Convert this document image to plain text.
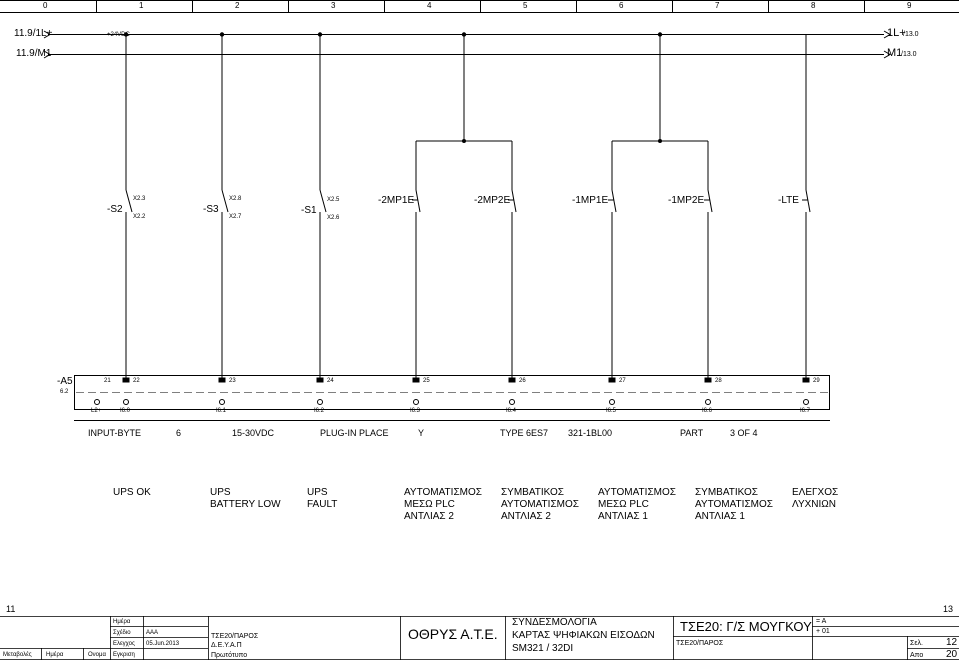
21
L2+
22
I6.0
23
I6.1
24
I6.2
25
I6.3
26
I6.4
27
I6.5
28
I6.6
29
I6.7
0	1	2	3	4	5	6	7	8	9
11.9/1L+	+24VDC
11.9/M1
1L+
/13.0
M1
/13.0
-S2
X2.3
X2.2
-S3
X2.8
X2.7
-S1
X2.5
X2.6
-2MP1E	-2MP2E	-1MP1E	-1MP2E	-LTE
-A5
6.2
INPUT-BYTE	6	15-30VDC	PLUG-IN PLACE	Y	TYPE 6ES7 321-1BL00	PART	3 OF 4
UPS OK	UPS
BATTERY LOW
UPS
FAULT
ΑΥΤΟΜΑΤΙΣΜΟΣ
ΜΕΣΩ PLC
ΑΝΤΛΙΑΣ 2
ΣΥΜΒΑΤΙΚΟΣ
ΑΥΤΟΜΑΤΙΣΜΟΣ
ΑΝΤΛΙΑΣ 2
ΑΥΤΟΜΑΤΙΣΜΟΣ
ΜΕΣΩ PLC
ΑΝΤΛΙΑΣ 1
ΣΥΜΒΑΤΙΚΟΣ
ΑΥΤΟΜΑΤΙΣΜΟΣ
ΑΝΤΛΙΑΣ 1
ΕΛΕΓΧΟΣ
ΛΥΧΝΙΩΝ
11	13
Ημέρα
Σχέδιο	AAA
Ελεγχος 05.Jun.2013
Εγκριση
Μεταβολές Ημέρα	Ονομα
ΤΣΕ20/ΠΑΡΟΣ
Δ.Ε.Υ.Α.Π
Πρωτότυπο
ΟΘΡΥΣ Α.Τ.Ε.
ΣΥΝΔΕΣΜΟΛΟΓΙΑ
ΚΑΡΤΑΣ ΨΗΦΙΑΚΩΝ ΕΙΣΟΔΩΝ
SM321 / 32DI
ΤΣΕ20: Γ/Σ ΜΟΥΓΚΟΥ
ΤΣΕ20/ΠΑΡΟΣ
= A
+ 01
Σελ. 12
Απο 20
